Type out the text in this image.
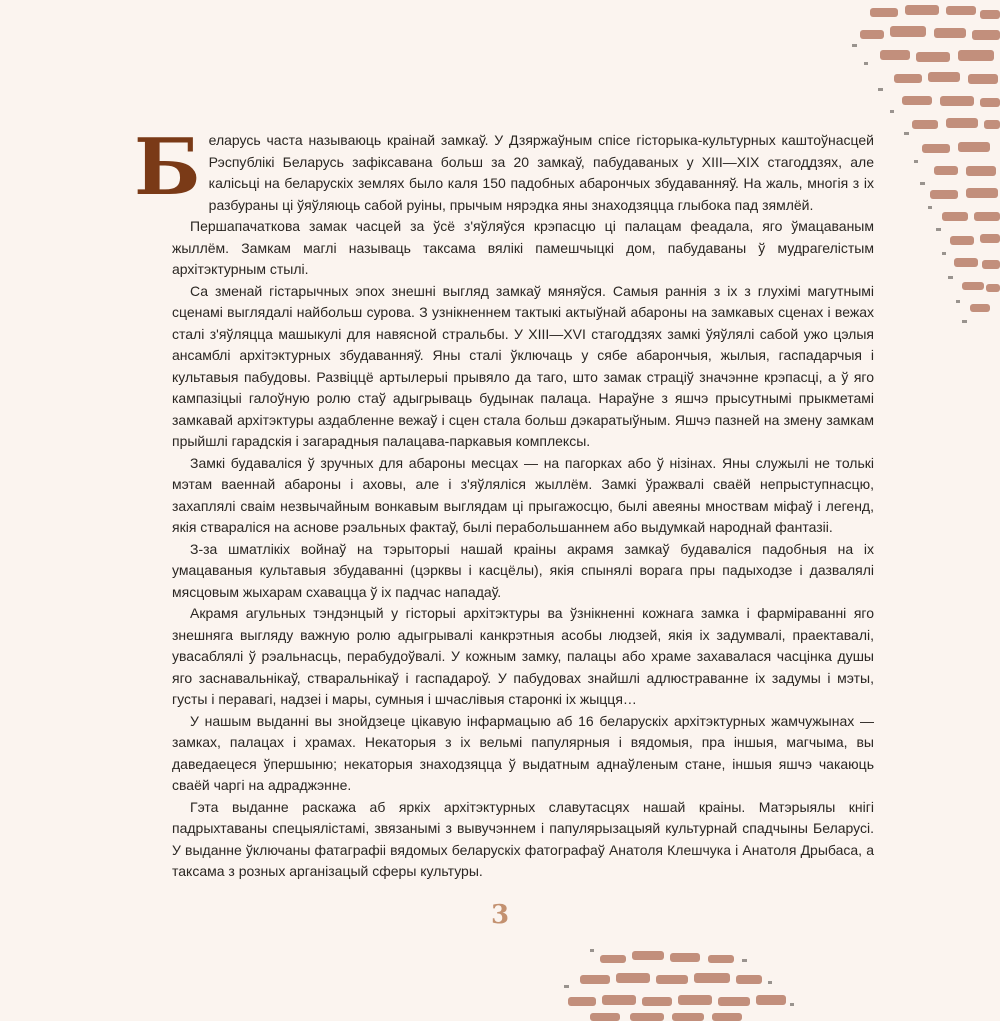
Б еларусь часта называюць краінай замкаў. У Дзяржаўным спісе гісторыка-культурных каштоўнасцей Рэспублікі Беларусь зафіксавана больш за 20 замкаў, пабудаваных у XIII—XIX стагоддзях, але калісьці на беларускіх землях было каля 150 падобных абарончых збудаванняў. На жаль, многія з іх разбураны ці ўяўляюць сабой руіны, прычым нярэдка яны знаходзяцца глыбока пад зямлёй.

Першапачаткова замак часцей за ўсё з'яўляўся крэпасцю ці палацам феадала, яго ўмацаваным жыллём. Замкам маглі называць таксама вялікі памешчыцкі дом, пабудаваны ў мудрагелістым архітэктурным стылі.

Са зменай гістарычных эпох знешні выгляд замкаў мяняўся. Самыя раннія з іх з глухімі магутнымі сценамі выглядалі найбольш сурова. З узнікненнем тактыкі актыўнай абароны на замкавых сценах і вежах сталі з'яўляцца машыкулі для навясной стральбы. У XIII—XVI стагоддзях замкі ўяўлялі сабой ужо цэлыя ансамблі архітэктурных збудаванняў. Яны сталі ўключаць у сябе абарончыя, жылыя, гаспадарчыя і культавыя пабудовы. Развіццё артылерыі прывяло да таго, што замак страціў значэнне крэпасці, а ў яго кампазіцыі галоўную ролю стаў адыгрываць будынак палаца. Нараўне з яшчэ прысутнымі прыкметамі замкавай архітэктуры аздабленне вежаў і сцен стала больш дэкаратыўным. Яшчэ пазней на змену замкам прыйшлі гарадскія і загарадныя палацава-паркавыя комплексы.

Замкі будаваліся ў зручных для абароны месцах — на пагорках або ў нізінах. Яны служылі не толькі мэтам ваеннай абароны і аховы, але і з'яўляліся жыллём. Замкі ўражвалі сваёй непрыступнасцю, захаплялі сваім незвычайным вонкавым выглядам ці прыгажосцю, былі авеяны мноствам міфаў і легенд, якія ствараліся на аснове рэальных фактаў, былі перабольшаннем або выдумкай народнай фантазіі.

З-за шматлікіх войнаў на тэрыторыі нашай краіны акрамя замкаў будаваліся падобныя на іх умацаваныя культавыя збудаванні (цэрквы і касцёлы), якія спынялі ворага пры падыходзе і дазвалялі мясцовым жыхарам схавацца ў іх падчас нападаў.

Акрамя агульных тэндэнцый у гісторыі архітэктуры ва ўзнікненні кожнага замка і фарміраванні яго знешняга выгляду важную ролю адыгрывалі канкрэтныя асобы людзей, якія іх задумвалі, праектавалі, увасаблялі ў рэальнасць, перабудоўвалі. У кожным замку, палацы або храме захавалася часцінка душы яго заснавальнікаў, стваральнікаў і гаспадароў. У пабудовах знайшлі адлюстраванне іх задумы і мэты, густы і перавагі, надзеі і мары, сумныя і шчаслівыя старонкі іх жыцця…

У нашым выданні вы знойдзеце цікавую інфармацыю аб 16 беларускіх архітэктурных жамчужынах — замках, палацах і храмах. Некаторыя з іх вельмі папулярныя і вядомыя, пра іншыя, магчыма, вы даведаецеся ўпершыню; некаторыя знаходзяцца ў выдатным аднаўленым стане, іншыя яшчэ чакаюць сваёй чаргі на адраджэнне.

Гэта выданне раскажа аб яркіх архітэктурных славутасцях нашай краіны. Матэрыялы кнігі падрыхтаваны спецыялістамі, звязанымі з вывучэннем і папулярызацыяй культурнай спадчыны Беларусі. У выданне ўключаны фатаграфіі вядомых беларускіх фатографаў Анатоля Клешчука і Анатоля Дрыбаса, а таксама з розных арганізацый сферы культуры.

3
